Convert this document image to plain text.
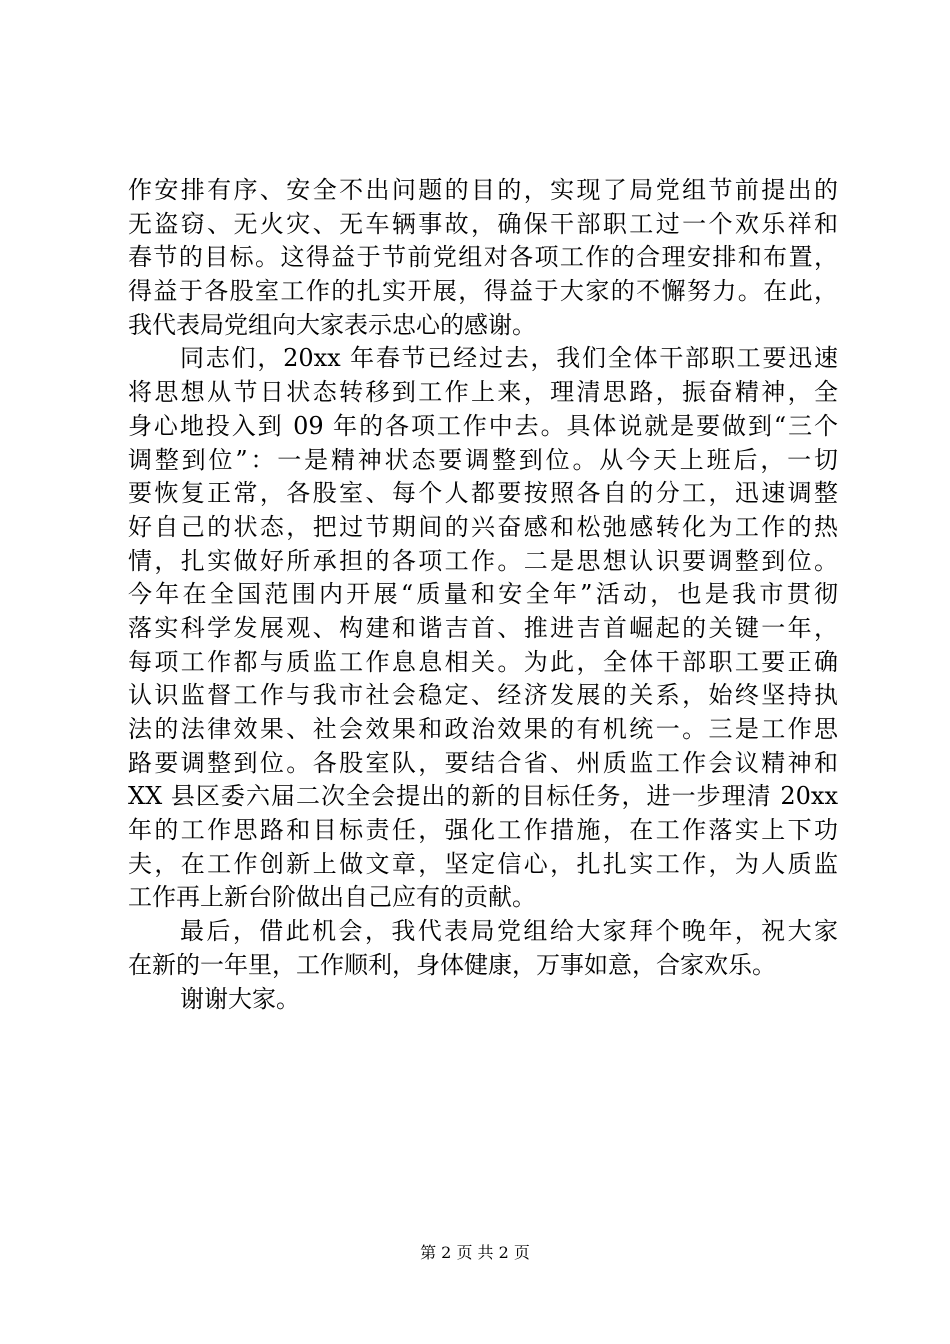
作安排有序、安全不出问题的目的，实现了局党组节前提出的
无盗窃、无火灾、无车辆事故，确保干部职工过一个欢乐祥和
春节的目标。这得益于节前党组对各项工作的合理安排和布置，
得益于各股室工作的扎实开展，得益于大家的不懈努力。在此，
我代表局党组向大家表示忠心的感谢。
同志们，20xx 年春节已经过去，我们全体干部职工要迅速
将思想从节日状态转移到工作上来，理清思路，振奋精神，全
身心地投入到 09 年的各项工作中去。具体说就是要做到“三个
调整到位”：一是精神状态要调整到位。从今天上班后，一切
要恢复正常，各股室、每个人都要按照各自的分工，迅速调整
好自己的状态，把过节期间的兴奋感和松弛感转化为工作的热
情，扎实做好所承担的各项工作。二是思想认识要调整到位。
今年在全国范围内开展“质量和安全年”活动，也是我市贯彻
落实科学发展观、构建和谐吉首、推进吉首崛起的关键一年，
每项工作都与质监工作息息相关。为此，全体干部职工要正确
认识监督工作与我市社会稳定、经济发展的关系，始终坚持执
法的法律效果、社会效果和政治效果的有机统一。三是工作思
路要调整到位。各股室队，要结合省、州质监工作会议精神和
XX 县区委六届二次全会提出的新的目标任务，进一步理清 20xx
年的工作思路和目标责任，强化工作措施，在工作落实上下功
夫，在工作创新上做文章，坚定信心，扎扎实工作，为人质监
工作再上新台阶做出自己应有的贡献。
最后，借此机会，我代表局党组给大家拜个晚年，祝大家
在新的一年里，工作顺利，身体健康，万事如意，合家欢乐。
谢谢大家。
第 2 页 共 2 页
